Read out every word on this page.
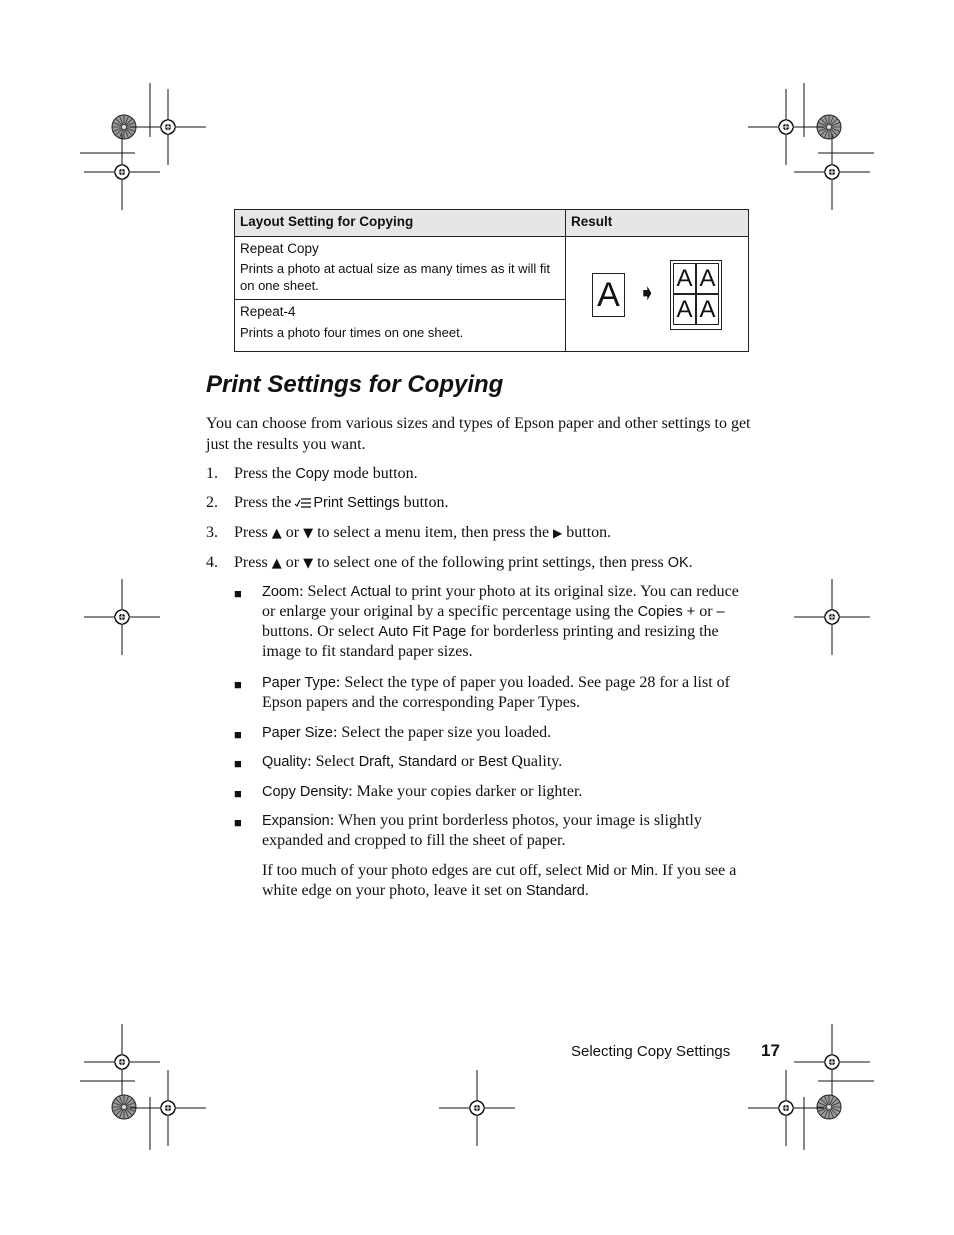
Layout Setting for Copying	Result
Repeat Copy
Prints a photo at actual size as many times as it will fit on one sheet.
Repeat-4
Prints a photo four times on one sheet.
A ➧
A A
A A
Print Settings for Copying
You can choose from various sizes and types of Epson paper and other settings to get just the results you want.
1. Press the Copy mode button.
2. Press the Print Settings button.
3. Press ▲ or ▼ to select a menu item, then press the ▶ button.
4. Press ▲ or ▼ to select one of the following print settings, then press OK.
■ Zoom: Select Actual to print your photo at its original size. You can reduce or enlarge your original by a specific percentage using the Copies + or – buttons. Or select Auto Fit Page for borderless printing and resizing the image to fit standard paper sizes.
■ Paper Type: Select the type of paper you loaded. See page 28 for a list of Epson papers and the corresponding Paper Types.
■ Paper Size: Select the paper size you loaded.
■ Quality: Select Draft, Standard or Best Quality.
■ Copy Density: Make your copies darker or lighter.
■ Expansion: When you print borderless photos, your image is slightly expanded and cropped to fill the sheet of paper.
If too much of your photo edges are cut off, select Mid or Min. If you see a white edge on your photo, leave it set on Standard.
Selecting Copy Settings 17
